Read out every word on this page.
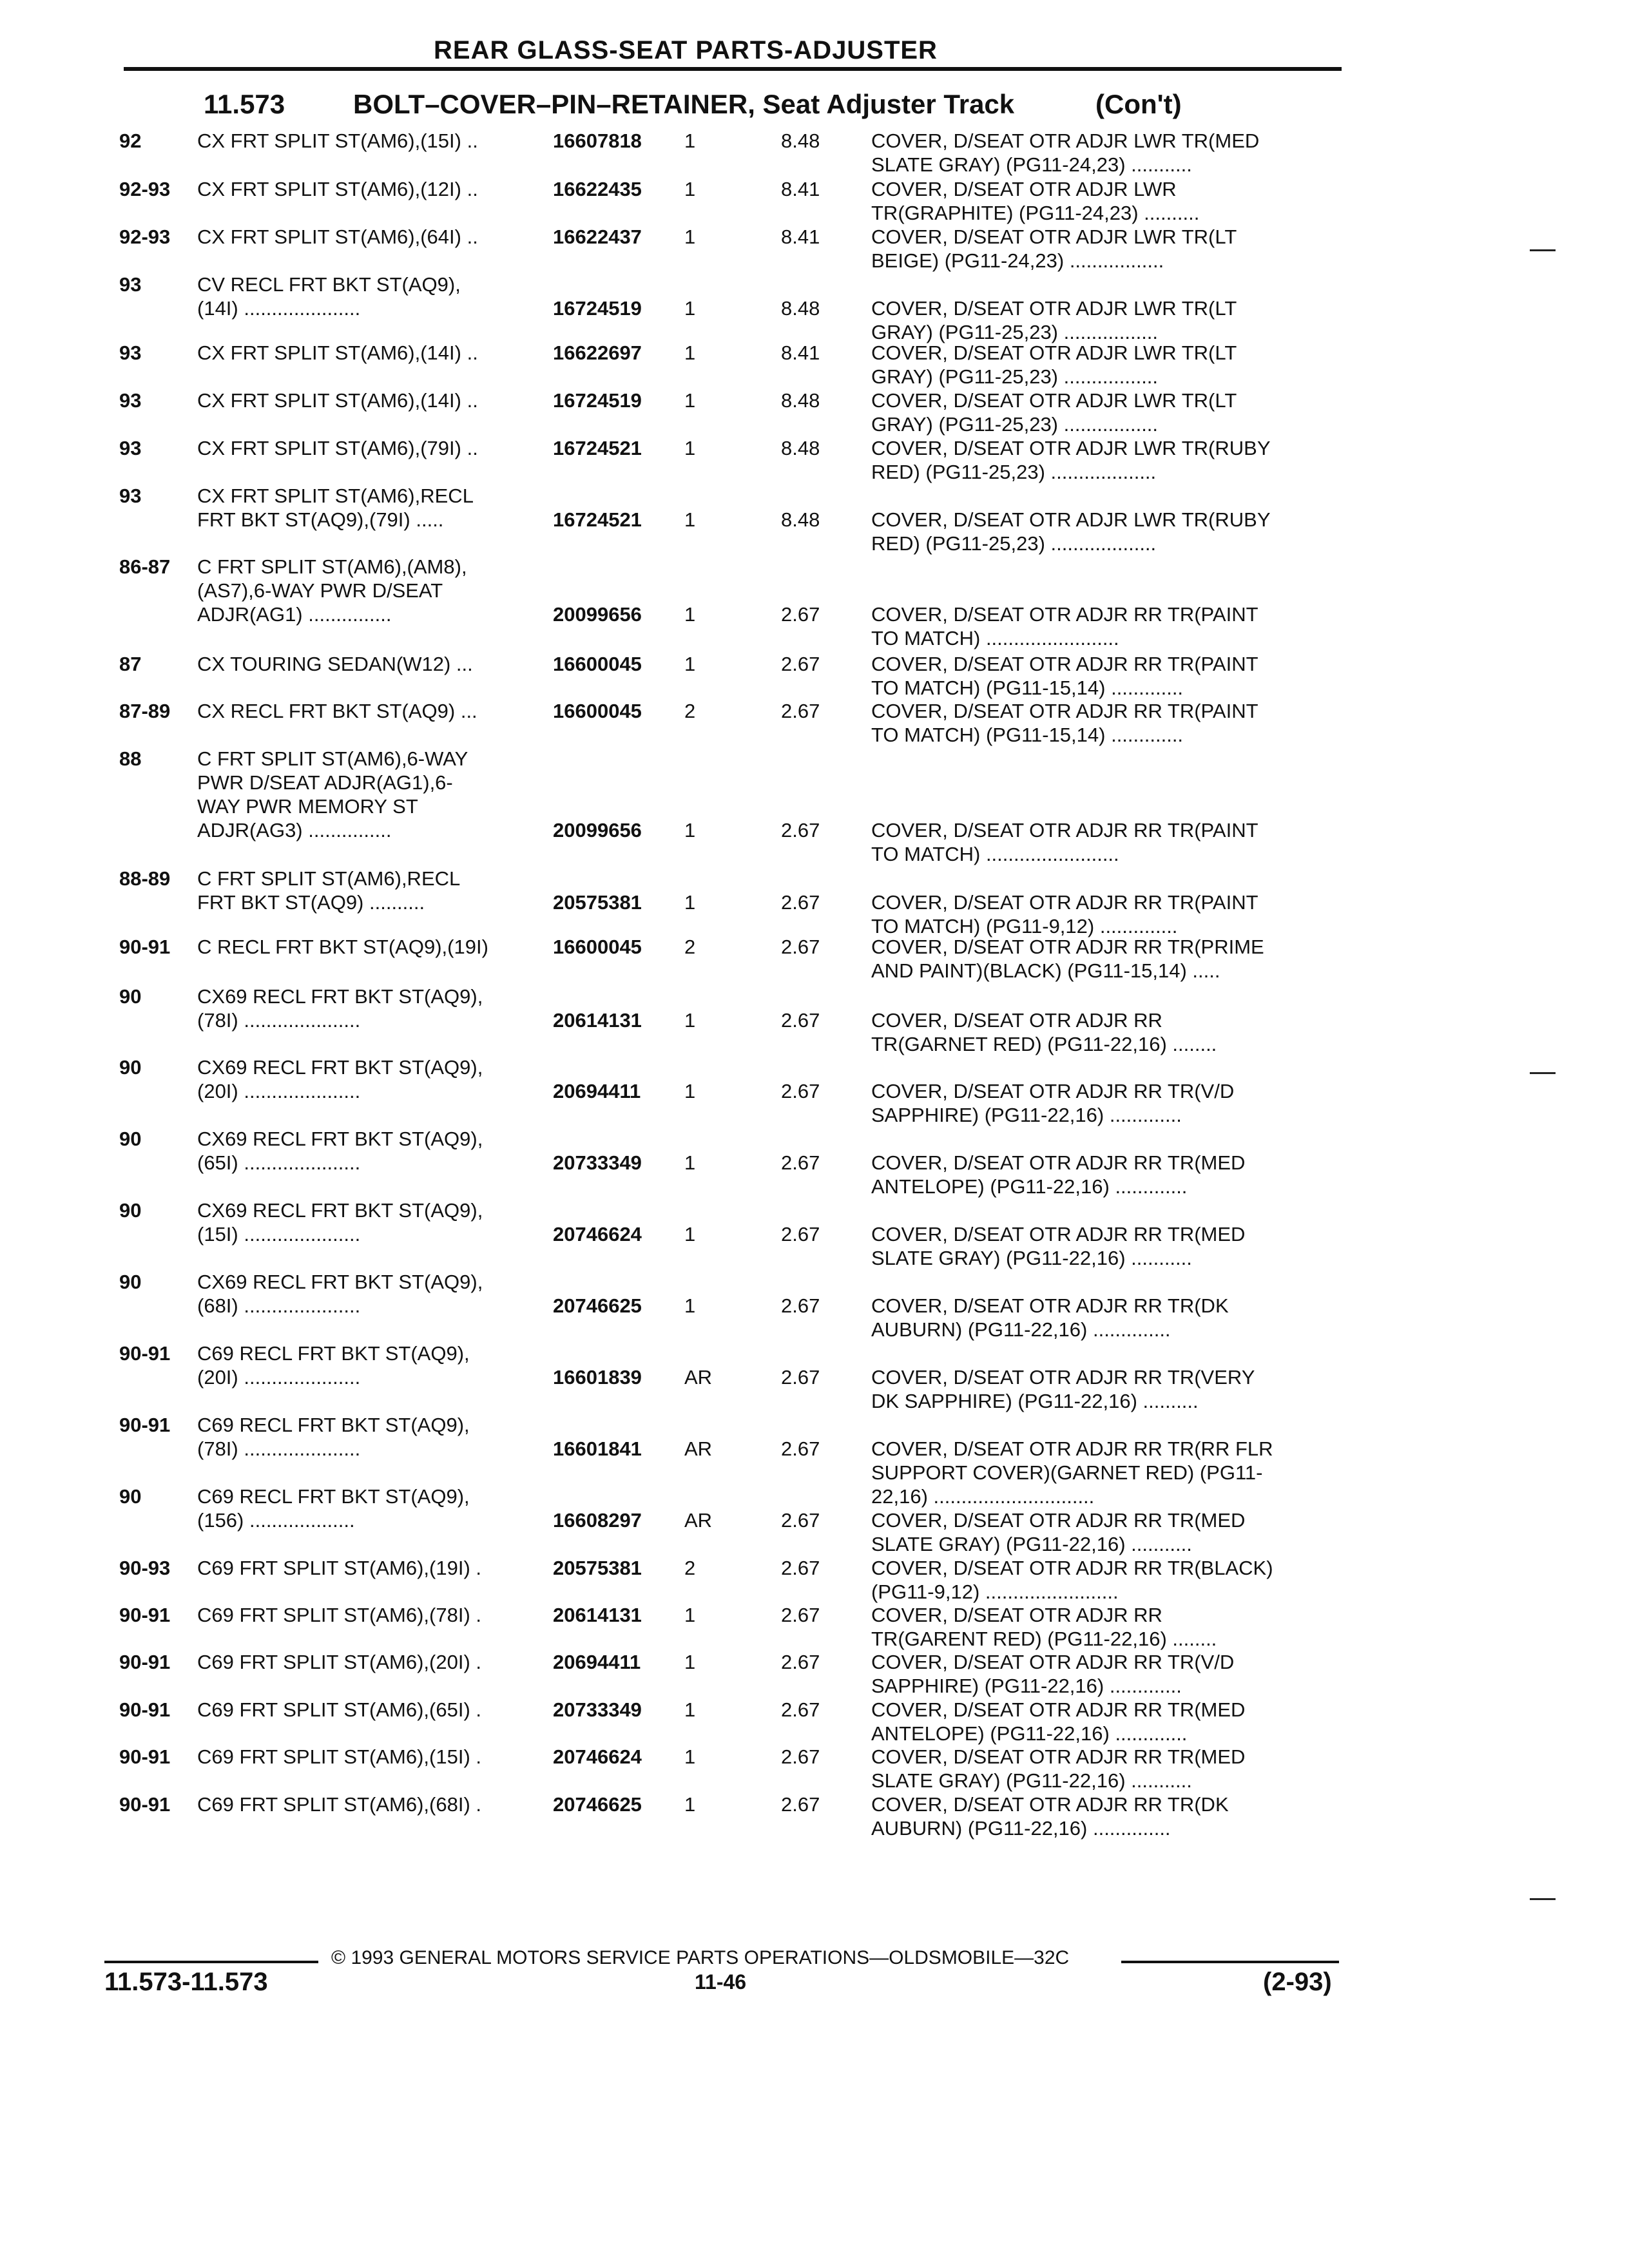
REAR GLASS-SEAT PARTS-ADJUSTER
11.573	BOLT–COVER–PIN–RETAINER, Seat Adjuster Track	(Con't)
92	CX FRT SPLIT ST(AM6),(15I) ..	16607818	1	8.48	COVER, D/SEAT OTR ADJR LWR TR(MED
SLATE GRAY) (PG11-24,23) ...........
92-93 CX FRT SPLIT ST(AM6),(12I) ..	16622435	1	8.41	COVER, D/SEAT OTR ADJR LWR
TR(GRAPHITE) (PG11-24,23) ..........
92-93 CX FRT SPLIT ST(AM6),(64I) ..	16622437	1	8.41	COVER, D/SEAT OTR ADJR LWR TR(LT
BEIGE) (PG11-24,23) .................
93	CV RECL FRT BKT ST(AQ9),
(14I) .....................	16724519	1	8.48	COVER, D/SEAT OTR ADJR LWR TR(LT
GRAY) (PG11-25,23) .................
93	CX FRT SPLIT ST(AM6),(14I) ..	16622697	1	8.41	COVER, D/SEAT OTR ADJR LWR TR(LT
GRAY) (PG11-25,23) .................
93	CX FRT SPLIT ST(AM6),(14I) ..	16724519	1	8.48	COVER, D/SEAT OTR ADJR LWR TR(LT
GRAY) (PG11-25,23) .................
93	CX FRT SPLIT ST(AM6),(79I) ..	16724521	1	8.48	COVER, D/SEAT OTR ADJR LWR TR(RUBY
RED) (PG11-25,23) ...................
93	CX FRT SPLIT ST(AM6),RECL
FRT BKT ST(AQ9),(79I) .....	16724521	1	8.48	COVER, D/SEAT OTR ADJR LWR TR(RUBY
RED) (PG11-25,23) ...................
86-87 C FRT SPLIT ST(AM6),(AM8),
(AS7),6-WAY PWR D/SEAT
ADJR(AG1) ...............	20099656	1	2.67	COVER, D/SEAT OTR ADJR RR TR(PAINT
TO MATCH) ........................
87	CX TOURING SEDAN(W12) ...	16600045	1	2.67	COVER, D/SEAT OTR ADJR RR TR(PAINT
TO MATCH) (PG11-15,14) .............
87-89 CX RECL FRT BKT ST(AQ9) ...	16600045	2	2.67	COVER, D/SEAT OTR ADJR RR TR(PAINT
TO MATCH) (PG11-15,14) .............
88	C FRT SPLIT ST(AM6),6-WAY
PWR D/SEAT ADJR(AG1),6-
WAY PWR MEMORY ST
ADJR(AG3) ...............	20099656	1	2.67	COVER, D/SEAT OTR ADJR RR TR(PAINT
TO MATCH) ........................
88-89 C FRT SPLIT ST(AM6),RECL
FRT BKT ST(AQ9) ..........	20575381	1	2.67	COVER, D/SEAT OTR ADJR RR TR(PAINT
TO MATCH) (PG11-9,12) ..............
90-91 C RECL FRT BKT ST(AQ9),(19I)	16600045	2	2.67	COVER, D/SEAT OTR ADJR RR TR(PRIME
AND PAINT)(BLACK) (PG11-15,14) .....
90	CX69 RECL FRT BKT ST(AQ9),
(78I) .....................	20614131	1	2.67	COVER, D/SEAT OTR ADJR RR
TR(GARNET RED) (PG11-22,16) ........
90	CX69 RECL FRT BKT ST(AQ9),
(20I) .....................	20694411	1	2.67	COVER, D/SEAT OTR ADJR RR TR(V/D
SAPPHIRE) (PG11-22,16) .............
90	CX69 RECL FRT BKT ST(AQ9),
(65I) .....................	20733349	1	2.67	COVER, D/SEAT OTR ADJR RR TR(MED
ANTELOPE) (PG11-22,16) .............
90	CX69 RECL FRT BKT ST(AQ9),
(15I) .....................	20746624	1	2.67	COVER, D/SEAT OTR ADJR RR TR(MED
SLATE GRAY) (PG11-22,16) ...........
90	CX69 RECL FRT BKT ST(AQ9),
(68I) .....................	20746625	1	2.67	COVER, D/SEAT OTR ADJR RR TR(DK
AUBURN) (PG11-22,16) ..............
90-91 C69 RECL FRT BKT ST(AQ9),
(20I) .....................	16601839	AR	2.67	COVER, D/SEAT OTR ADJR RR TR(VERY
DK SAPPHIRE) (PG11-22,16) ..........
90-91 C69 RECL FRT BKT ST(AQ9),
(78I) .....................	16601841	AR	2.67	COVER, D/SEAT OTR ADJR RR TR(RR FLR
SUPPORT COVER)(GARNET RED) (PG11-
22,16) .............................
90	C69 RECL FRT BKT ST(AQ9),
(156) ...................	16608297	AR	2.67	COVER, D/SEAT OTR ADJR RR TR(MED
SLATE GRAY) (PG11-22,16) ...........
90-93 C69 FRT SPLIT ST(AM6),(19I) .	20575381	2	2.67	COVER, D/SEAT OTR ADJR RR TR(BLACK)
(PG11-9,12) ........................
90-91 C69 FRT SPLIT ST(AM6),(78I) .	20614131	1	2.67	COVER, D/SEAT OTR ADJR RR
TR(GARENT RED) (PG11-22,16) ........
90-91 C69 FRT SPLIT ST(AM6),(20I) .	20694411	1	2.67	COVER, D/SEAT OTR ADJR RR TR(V/D
SAPPHIRE) (PG11-22,16) .............
90-91 C69 FRT SPLIT ST(AM6),(65I) .	20733349	1	2.67	COVER, D/SEAT OTR ADJR RR TR(MED
ANTELOPE) (PG11-22,16) .............
90-91 C69 FRT SPLIT ST(AM6),(15I) .	20746624	1	2.67	COVER, D/SEAT OTR ADJR RR TR(MED
SLATE GRAY) (PG11-22,16) ...........
90-91 C69 FRT SPLIT ST(AM6),(68I) .	20746625	1	2.67	COVER, D/SEAT OTR ADJR RR TR(DK
AUBURN) (PG11-22,16) ..............
© 1993 GENERAL MOTORS SERVICE PARTS OPERATIONS—OLDSMOBILE—32C
11.573-11.573	11-46	(2-93)
